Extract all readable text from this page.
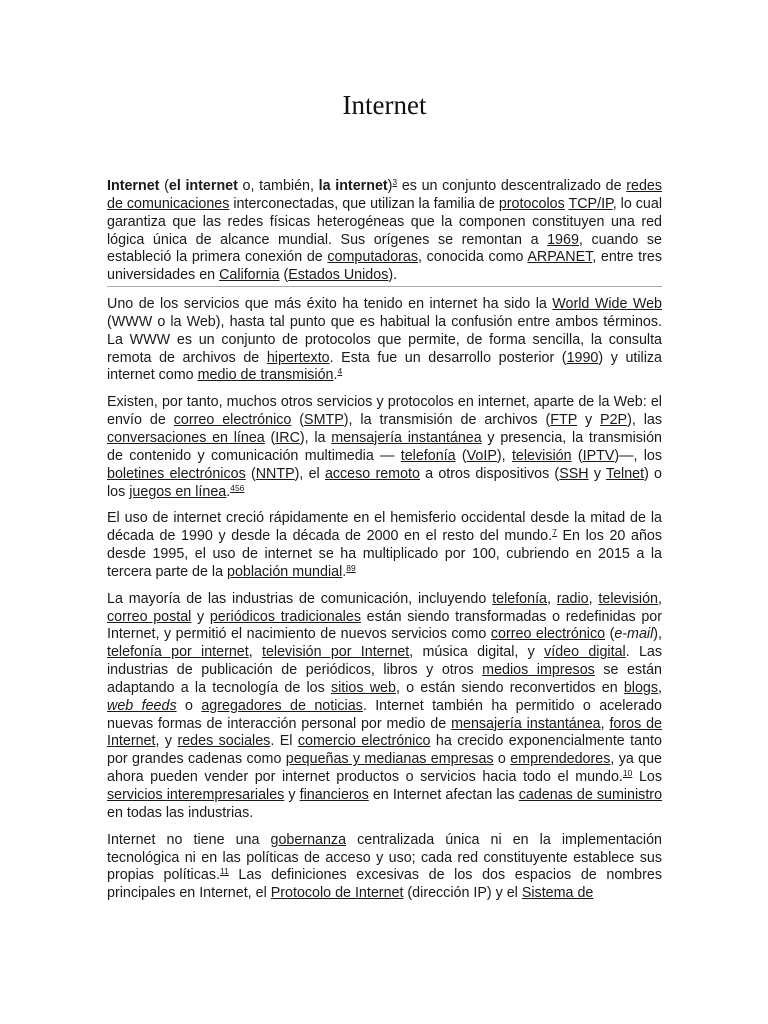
Internet

Internet (el internet o, también, la internet)$^3$ es un conjunto descentralizado de redes de comunicaciones interconectadas, que utilizan la familia de protocolos TCP/IP, lo cual garantiza que las redes físicas heterogéneas que la componen constituyen una red lógica única de alcance mundial. Sus orígenes se remontan a 1969, cuando se estableció la primera conexión de computadoras, conocida como ARPANET, entre tres universidades en California (Estados Unidos).

Uno de los servicios que más éxito ha tenido en internet ha sido la World Wide Web (WWW o la Web), hasta tal punto que es habitual la confusión entre ambos términos. La WWW es un conjunto de protocolos que permite, de forma sencilla, la consulta remota de archivos de hipertexto. Esta fue un desarrollo posterior (1990) y utiliza internet como medio de transmisión.$^4$

Existen, por tanto, muchos otros servicios y protocolos en internet, aparte de la Web: el envío de correo electrónico (SMTP), la transmisión de archivos (FTP y P2P), las conversaciones en línea (IRC), la mensajería instantánea y presencia, la transmisión de contenido y comunicación multimedia — telefonía (VoIP), televisión (IPTV)—, los boletines electrónicos (NNTP), el acceso remoto a otros dispositivos (SSH y Telnet) o los juegos en línea.$^{456}$

El uso de internet creció rápidamente en el hemisferio occidental desde la mitad de la década de 1990 y desde la década de 2000 en el resto del mundo.$^7$ En los 20 años desde 1995, el uso de internet se ha multiplicado por 100, cubriendo en 2015 a la tercera parte de la población mundial.$^{89}$

La mayoría de las industrias de comunicación, incluyendo telefonía, radio, televisión, correo postal y periódicos tradicionales están siendo transformadas o redefinidas por Internet, y permitió el nacimiento de nuevos servicios como correo electrónico (e-mail), telefonía por internet, televisión por Internet, música digital, y vídeo digital. Las industrias de publicación de periódicos, libros y otros medios impresos se están adaptando a la tecnología de los sitios web, o están siendo reconvertidos en blogs, web feeds o agregadores de noticias. Internet también ha permitido o acelerado nuevas formas de interacción personal por medio de mensajería instantánea, foros de Internet, y redes sociales. El comercio electrónico ha crecido exponencialmente tanto por grandes cadenas como pequeñas y medianas empresas o emprendedores, ya que ahora pueden vender por internet productos o servicios hacia todo el mundo.$^{10}$ Los servicios interempresariales y financieros en Internet afectan las cadenas de suministro en todas las industrias.

Internet no tiene una gobernanza centralizada única ni en la implementación tecnológica ni en las políticas de acceso y uso; cada red constituyente establece sus propias políticas.$^{11}$ Las definiciones excesivas de los dos espacios de nombres principales en Internet, el Protocolo de Internet (dirección IP) y el Sistema de
